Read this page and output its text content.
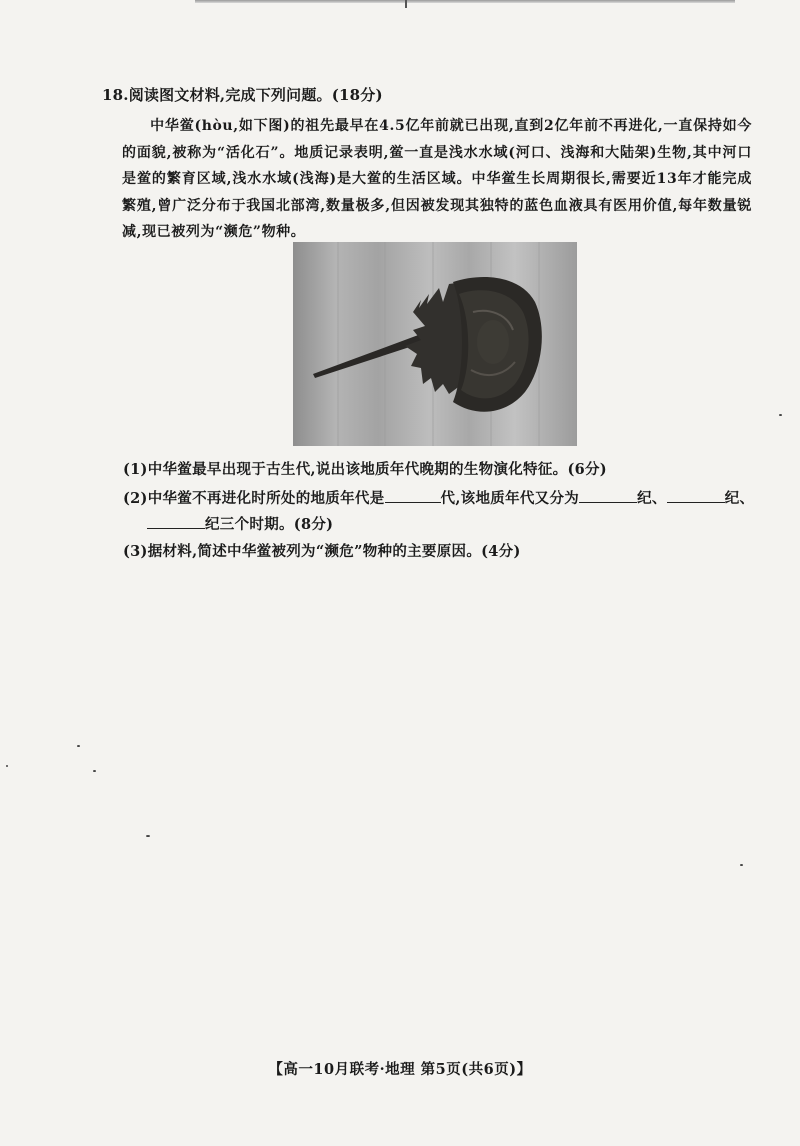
18.阅读图文材料,完成下列问题。(18分)
中华鲎(hòu,如下图)的祖先最早在4.5亿年前就已出现,直到2亿年前不再进化,一直保持如今的面貌,被称为“活化石”。地质记录表明,鲎一直是浅水水域(河口、浅海和大陆架)生物,其中河口是鲎的繁育区域,浅水水域(浅海)是大鲎的生活区域。中华鲎生长周期很长,需要近13年才能完成繁殖,曾广泛分布于我国北部湾,数量极多,但因被发现其独特的蓝色血液具有医用价值,每年数量锐减,现已被列为“濒危”物种。
(1)中华鲎最早出现于古生代,说出该地质年代晚期的生物演化特征。(6分)
(2)中华鲎不再进化时所处的地质年代是	代,该地质年代又分为	纪、	纪、
纪三个时期。(8分)
(3)据材料,简述中华鲎被列为“濒危”物种的主要原因。(4分)
【高一10月联考·地理 第5页(共6页)】
